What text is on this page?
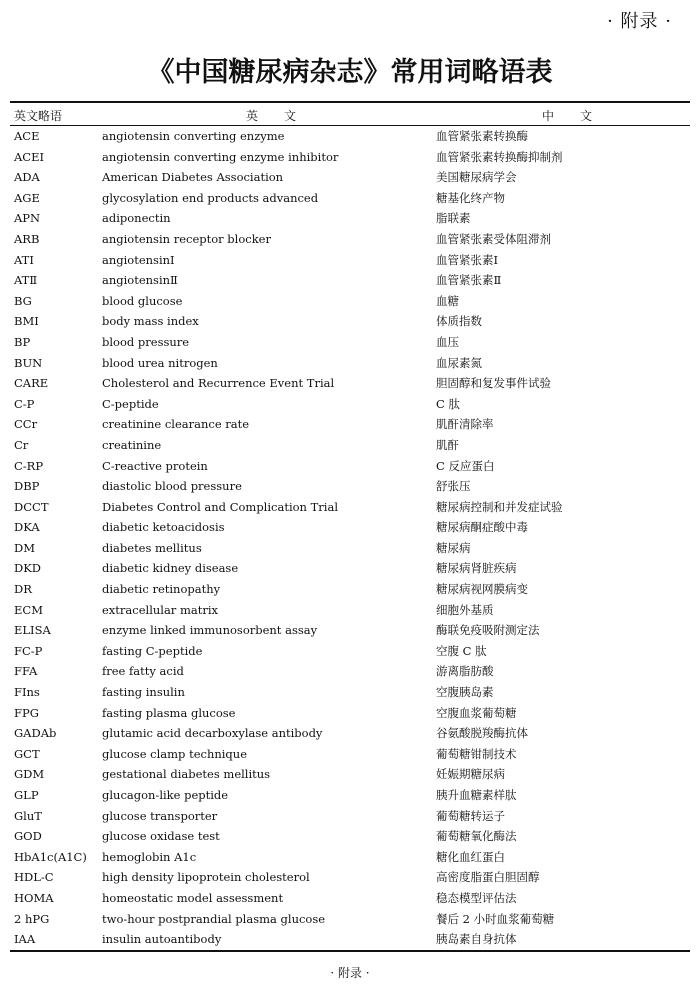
· 附录 ·
《中国糖尿病杂志》常用词略语表
英文略语	英文	中文
ACE	angiotensin converting enzyme	血管紧张素转换酶
ACEI	angiotensin converting enzyme inhibitor	血管紧张素转换酶抑制剂
ADA	American Diabetes Association	美国糖尿病学会
AGE	glycosylation end products advanced	糖基化终产物
APN	adiponectin	脂联素
ARB	angiotensin receptor blocker	血管紧张素受体阻滞剂
ATⅠ	angiotensinⅠ	血管紧张素Ⅰ
ATⅡ	angiotensinⅡ	血管紧张素Ⅱ
BG	blood glucose	血糖
BMI	body mass index	体质指数
BP	blood pressure	血压
BUN	blood urea nitrogen	血尿素氮
CARE	Cholesterol and Recurrence Event Trial	胆固醇和复发事件试验
C-P	C-peptide	C 肽
CCr	creatinine clearance rate	肌酐清除率
Cr	creatinine	肌酐
C-RP	C-reactive protein	C 反应蛋白
DBP	diastolic blood pressure	舒张压
DCCT	Diabetes Control and Complication Trial	糖尿病控制和并发症试验
DKA	diabetic ketoacidosis	糖尿病酮症酸中毒
DM	diabetes mellitus	糖尿病
DKD	diabetic kidney disease	糖尿病肾脏疾病
DR	diabetic retinopathy	糖尿病视网膜病变
ECM	extracellular matrix	细胞外基质
ELISA	enzyme linked immunosorbent assay	酶联免疫吸附测定法
FC-P	fasting C-peptide	空腹 C 肽
FFA	free fatty acid	游离脂肪酸
FIns	fasting insulin	空腹胰岛素
FPG	fasting plasma glucose	空腹血浆葡萄糖
GADAb	glutamic acid decarboxylase antibody	谷氨酸脱羧酶抗体
GCT	glucose clamp technique	葡萄糖钳制技术
GDM	gestational diabetes mellitus	妊娠期糖尿病
GLP	glucagon-like peptide	胰升血糖素样肽
GluT	glucose transporter	葡萄糖转运子
GOD	glucose oxidase test	葡萄糖氧化酶法
HbA1c(A1C) hemoglobin A1c	糖化血红蛋白
HDL-C	high density lipoprotein cholesterol	高密度脂蛋白胆固醇
HOMA	homeostatic model assessment	稳态模型评估法
2 hPG	two-hour postprandial plasma glucose	餐后 2 小时血浆葡萄糖
IAA	insulin autoantibody	胰岛素自身抗体
· 附录 ·
